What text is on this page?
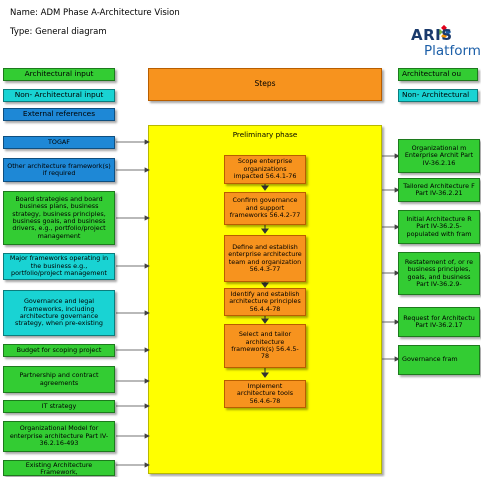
Name: ADM Phase A-Architecture Vision
Type: General diagram	ARIS
Platform
Architectural input
Non- Architectural input
External references
Architectural ou
Non- Architectural
Steps
Preliminary phase
Scope enterprise organizations impacted 56.4.1-76
Confirm governance and support frameworks 56.4.2-77
Define and establish enterprise architecture team and organization 56.4.3-77
Identify and establish architecture principles 56.4.4-78
Select and tailor architecture framework(s) 56.4.5-78
Implement architecture tools 56.4.6-78
TOGAF
Other architecture framework(s) if required
Board strategies and board business plans, business strategy, business principles, business goals, and business drivers, e.g., portfolio/project management
Major frameworks operating in the business e.g., portfolio/project management
Governance and legal frameworks, including architecture governance strategy, when pre-existing
Budget for scoping project
Partnership and contract agreements
IT strategy
Organizational Model for enterprise architecture Part IV-36.2.16-493
Existing Architecture Framework,
Organizational m Enterprise Archit Part IV-36.2.16
Tailored Architecture F Part IV-36.2.21
Initial Architecture R Part IV-36.2.5- populated with fram
Restatement of, or re business principles, goals, and business Part IV-36.2.9-
Request for Architectu Part IV-36.2.17
Governance fram
